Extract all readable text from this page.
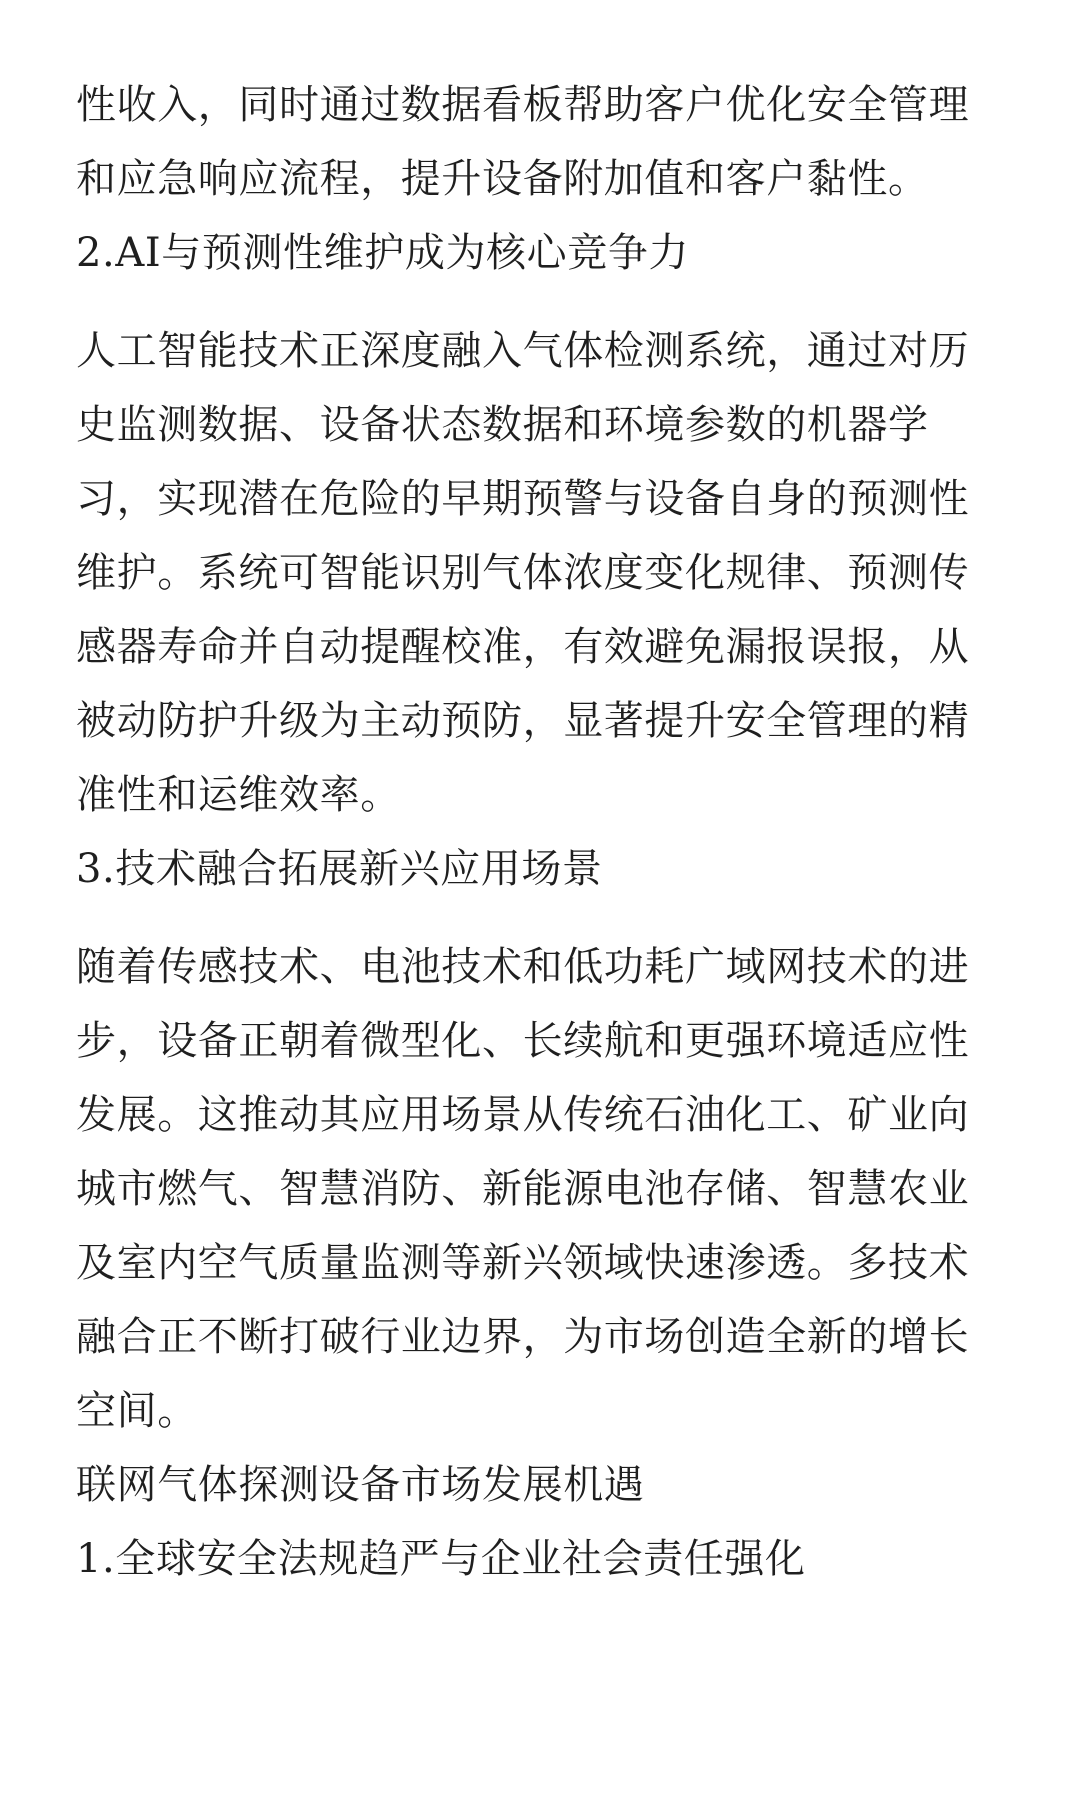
性收入，同时通过数据看板帮助客户优化安全管理和应急响应流程，提升设备附加值和客户黏性。

2.AI与预测性维护成为核心竞争力

人工智能技术正深度融入气体检测系统，通过对历史监测数据、设备状态数据和环境参数的机器学习，实现潜在危险的早期预警与设备自身的预测性维护。系统可智能识别气体浓度变化规律、预测传感器寿命并自动提醒校准，有效避免漏报误报，从被动防护升级为主动预防，显著提升安全管理的精准性和运维效率。

3.技术融合拓展新兴应用场景

随着传感技术、电池技术和低功耗广域网技术的进步，设备正朝着微型化、长续航和更强环境适应性发展。这推动其应用场景从传统石油化工、矿业向城市燃气、智慧消防、新能源电池存储、智慧农业及室内空气质量监测等新兴领域快速渗透。多技术融合正不断打破行业边界，为市场创造全新的增长空间。

联网气体探测设备市场发展机遇
1.全球安全法规趋严与企业社会责任强化
